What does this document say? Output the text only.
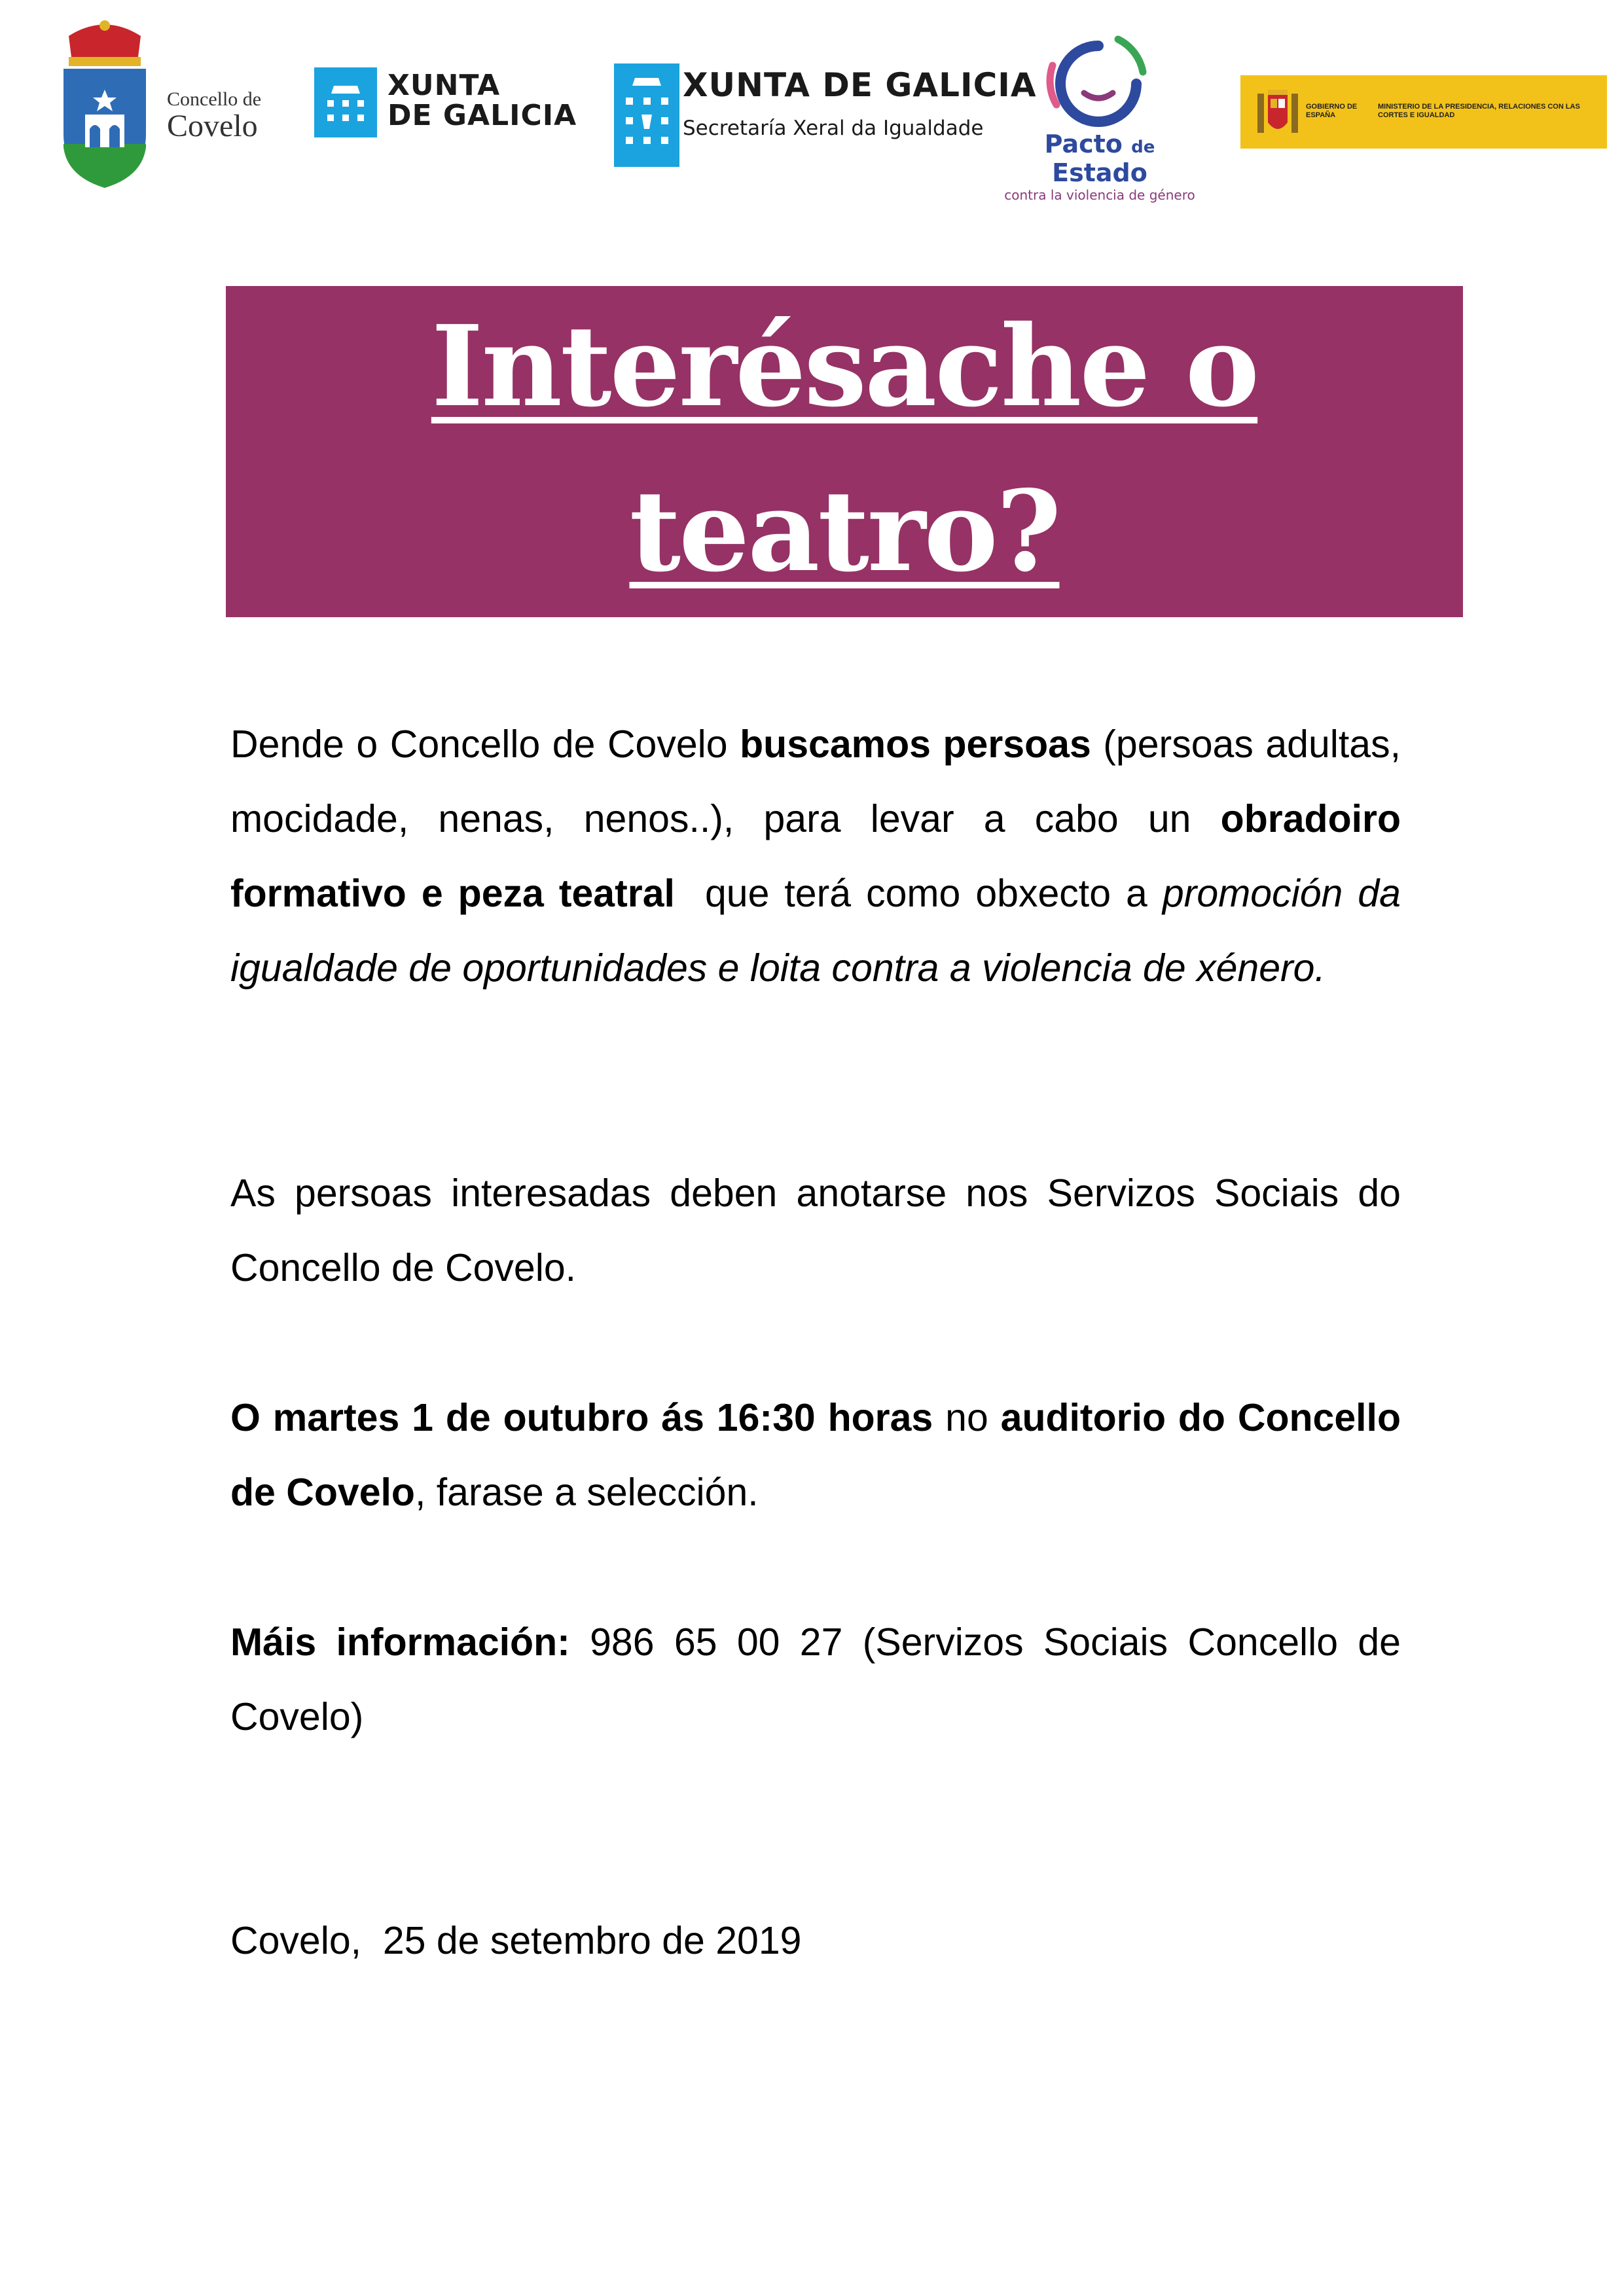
Concello de
Covelo
XUNTA
DE GALICIA
XUNTA DE GALICIA
Secretaría Xeral da Igualdade
Pacto de Estado
contra la violencia de género
GOBIERNO DE ESPAÑA
MINISTERIO DE LA PRESIDENCIA, RELACIONES CON LAS CORTES E IGUALDAD
Interésache o
teatro?

Dende o Concello de Covelo buscamos persoas (persoas adultas, mocidade, nenas, nenos..), para levar a cabo un obradoiro formativo e peza teatral  que terá como obxecto a promoción da igualdade de oportunidades e loita contra a violencia de xénero.

As persoas interesadas deben anotarse nos Servizos Sociais do Concello de Covelo.

O martes 1 de outubro ás 16:30 horas no auditorio do Concello de Covelo, farase a selección.

Máis información: 986 65 00 27 (Servizos Sociais Concello de Covelo)

Covelo,  25 de setembro de 2019
